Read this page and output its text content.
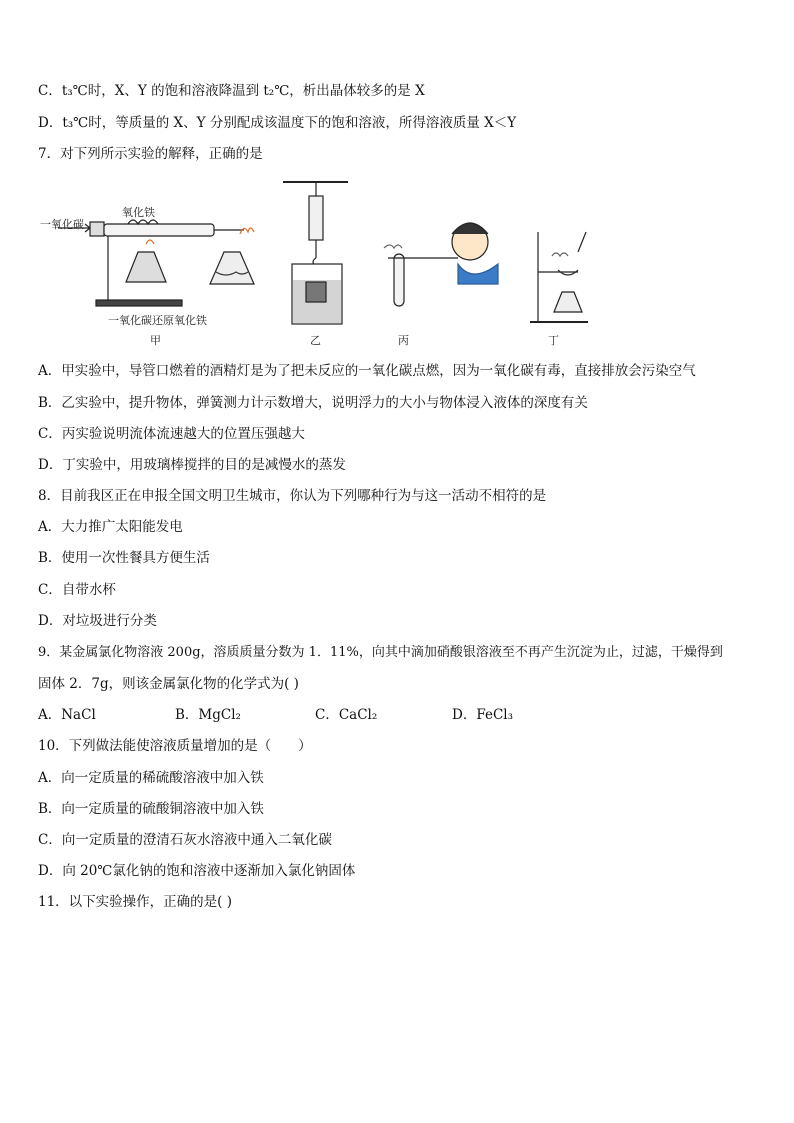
C．t₃℃时，X、Y 的饱和溶液降温到 t₂℃，析出晶体较多的是 X
D．t₃℃时，等质量的 X、Y 分别配成该温度下的饱和溶液，所得溶液质量 X＜Y
7．对下列所示实验的解释，正确的是
氧化铁
一氧化碳
一氧化碳还原氧化铁
甲	乙	丙	丁
A．甲实验中，导管口燃着的酒精灯是为了把未反应的一氧化碳点燃，因为一氧化碳有毒，直接排放会污染空气
B．乙实验中，提升物体，弹簧测力计示数增大，说明浮力的大小与物体浸入液体的深度有关
C．丙实验说明流体流速越大的位置压强越大
D．丁实验中，用玻璃棒搅拌的目的是减慢水的蒸发
8．目前我区正在申报全国文明卫生城市，你认为下列哪种行为与这一活动不相符的是
A．大力推广太阳能发电
B．使用一次性餐具方便生活
C．自带水杯
D．对垃圾进行分类
9．某金属氯化物溶液 200g，溶质质量分数为 1．11%，向其中滴加硝酸银溶液至不再产生沉淀为止，过滤，干燥得到
固体 2．7g，则该金属氯化物的化学式为( )
A．NaCl	B．MgCl₂	C．CaCl₂	D．FeCl₃
10．下列做法能使溶液质量增加的是（　　）
A．向一定质量的稀硫酸溶液中加入铁
B．向一定质量的硫酸铜溶液中加入铁
C．向一定质量的澄清石灰水溶液中通入二氧化碳
D．向 20℃氯化钠的饱和溶液中逐渐加入氯化钠固体
11．以下实验操作，正确的是( )
